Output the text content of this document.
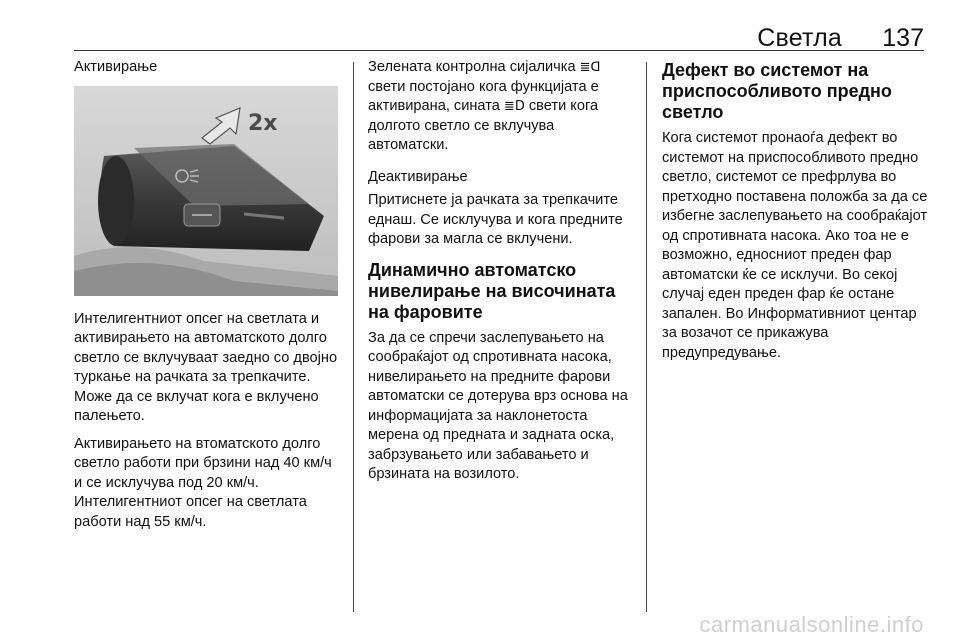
Светла 137
Активирање
2x

Интелигентниот опсег на светлата и активирањето на автоматското долго светло се вклучуваат заедно со двојно туркање на рачката за трепкачите. Може да се вклучат кога е вклучено палењето.

Активирањето на втоматското долго светло работи при брзини над 40 км/ч и се исклучува под 20 км/ч. Интелигентниот опсег на светлата работи над 55 км/ч.

Зелената контролна сијаличка ≣ᗡ свети постојано кога функцијата е активирана, сината ≣D свети кога долгото светло се вклучува автоматски.

Деактивирање

Притиснете ја рачката за трепкачите еднаш. Се исклучува и кога предните фарови за магла се вклучени.

Динамично автоматско нивелирање на височината на фаровите

За да се спречи заслепувањето на сообраќајот од спротивната насока, нивелирањето на предните фарови автоматски се дотерува врз основа на информацијата за наклонетоста мерена од предната и задната оска, забрзувањето или забавањето и брзината на возилото.

Дефект во системот на приспособливото предно светло

Кога системот пронаоѓа дефект во системот на приспособливото предно светло, системот се префрлува во претходно поставена положба за да се избегне заслепувањето на сообраќајот од спротивната насока. Ако тоа не е возможно, едносниот преден фар автоматски ќе се исклучи. Во секој случај еден преден фар ќе остане запален. Во Информативниот центар за возачот се прикажува предупредување.

carmanualsonline.info
